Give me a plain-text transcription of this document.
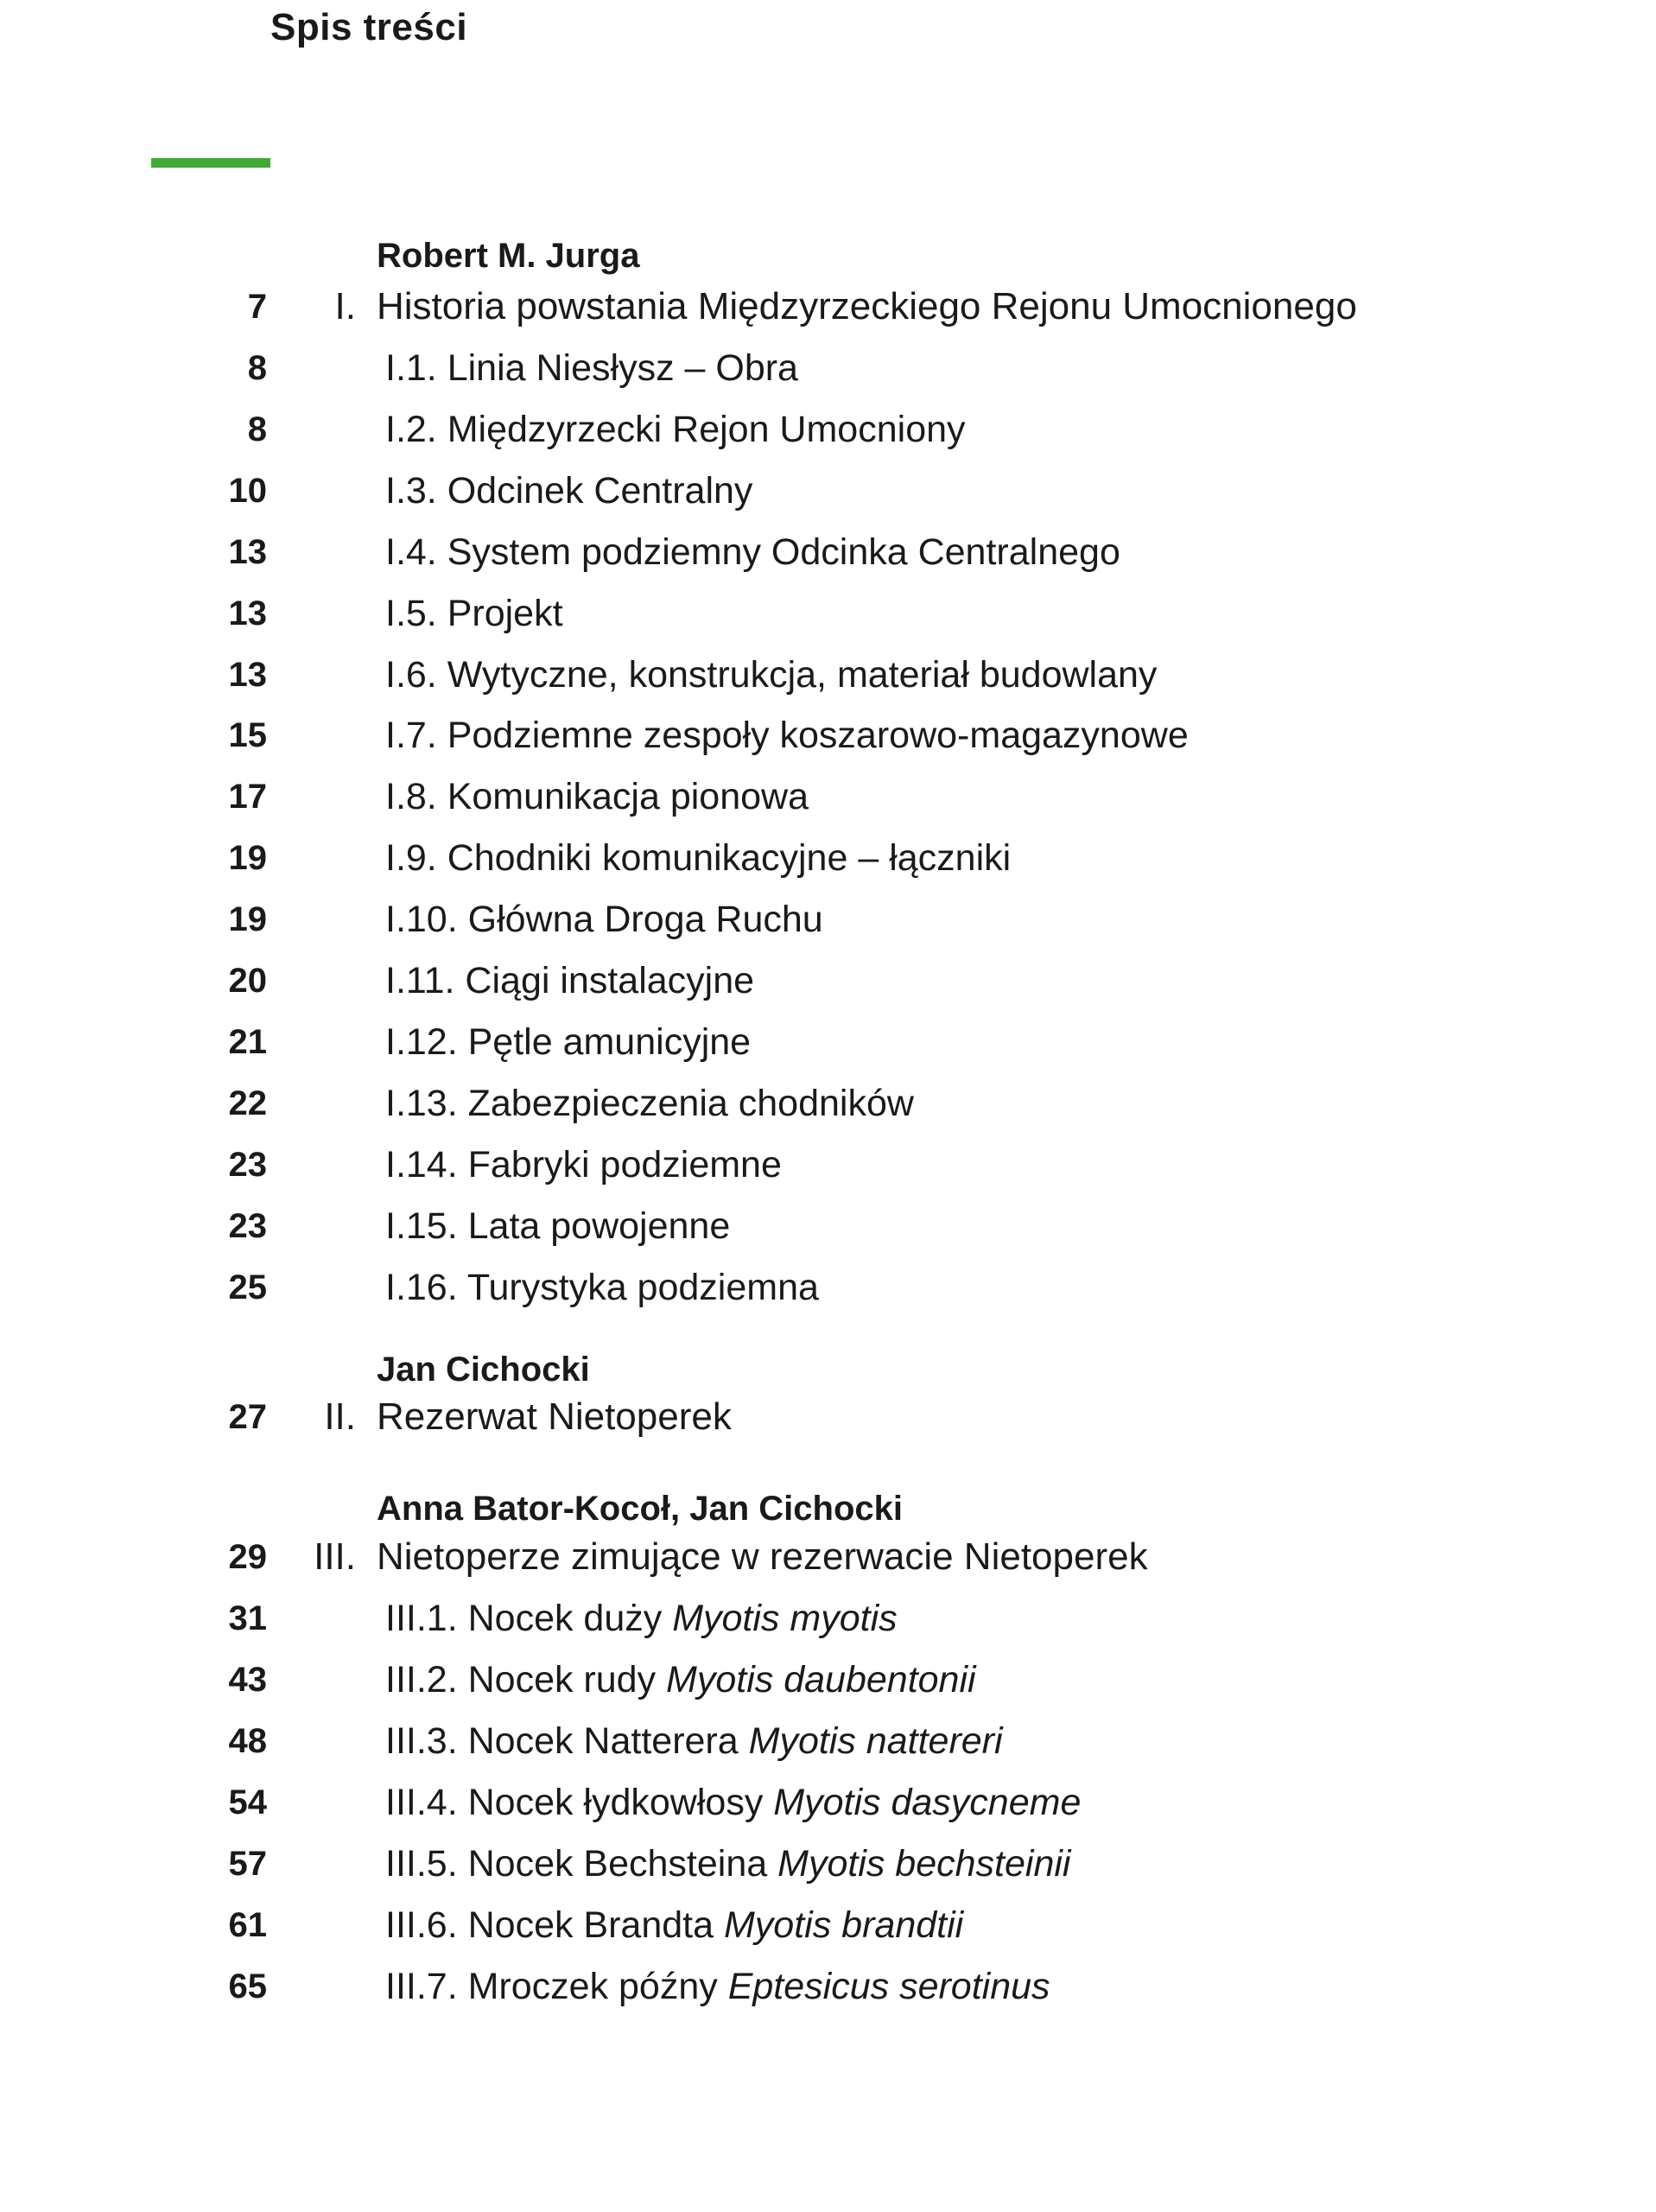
Spis treści
Robert M. Jurga
7 I. Historia powstania Międzyrzeckiego Rejonu Umocnionego
8	I.1. Linia Niesłysz – Obra
8	I.2. Międzyrzecki Rejon Umocniony
10	I.3. Odcinek Centralny
13	I.4. System podziemny Odcinka Centralnego
13	I.5. Projekt
13	I.6. Wytyczne, konstrukcja, materiał budowlany
15	I.7. Podziemne zespoły koszarowo-magazynowe
17	I.8. Komunikacja pionowa
19	I.9. Chodniki komunikacyjne – łączniki
19	I.10. Główna Droga Ruchu
20	I.11. Ciągi instalacyjne
21	I.12. Pętle amunicyjne
22	I.13. Zabezpieczenia chodników
23	I.14. Fabryki podziemne
23	I.15. Lata powojenne
25	I.16. Turystyka podziemna
Jan Cichocki
27 II. Rezerwat Nietoperek
Anna Bator-Kocoł, Jan Cichocki
29 III. Nietoperze zimujące w rezerwacie Nietoperek
31	III.1. Nocek duży Myotis myotis
43	III.2. Nocek rudy Myotis daubentonii
48	III.3. Nocek Natterera Myotis nattereri
54	III.4. Nocek łydkowłosy Myotis dasycneme
57	III.5. Nocek Bechsteina Myotis bechsteinii
61	III.6. Nocek Brandta Myotis brandtii
65	III.7. Mroczek późny Eptesicus serotinus
